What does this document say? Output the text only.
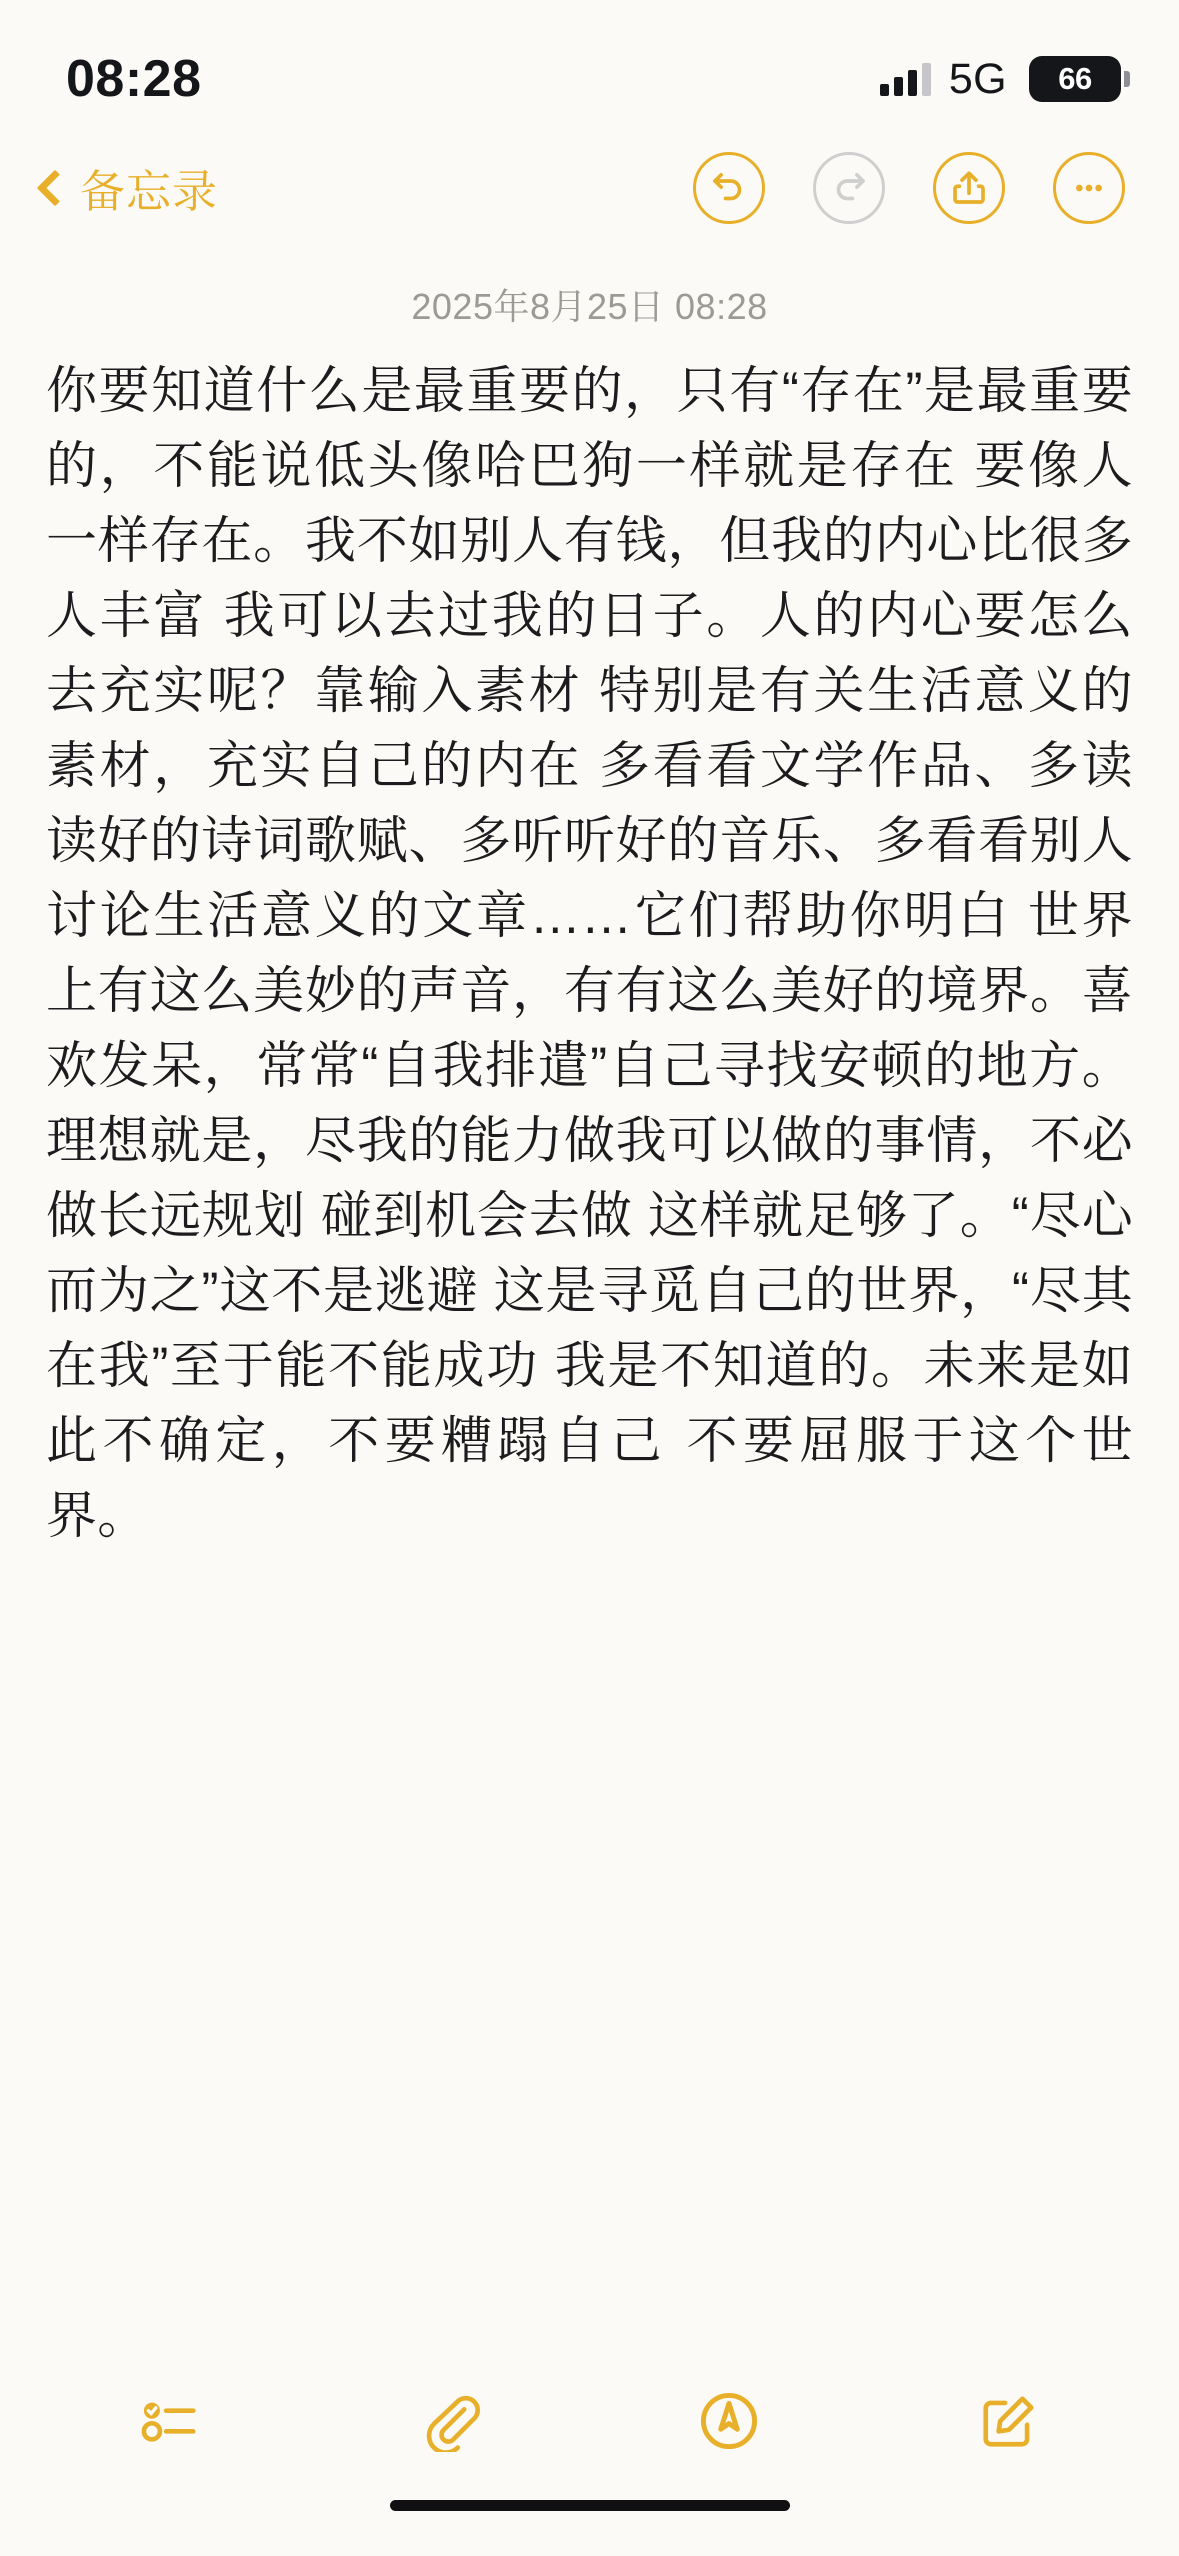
08:28	5G 66
备忘录
2025年8月25日 08:28
你要知道什么是最重要的，只有“存在”是最重要的，不能说低头像哈巴狗一样就是存在 要像人一样存在。我不如别人有钱，但我的内心比很多人丰富 我可以去过我的日子。人的内心要怎么去充实呢？靠输入素材 特别是有关生活意义的素材，充实自己的内在 多看看文学作品、多读读好的诗词歌赋、多听听好的音乐、多看看别人讨论生活意义的文章……它们帮助你明白 世界上有这么美妙的声音，有有这么美好的境界。喜欢发呆，常常“自我排遣”自己寻找安顿的地方。理想就是，尽我的能力做我可以做的事情，不必做长远规划 碰到机会去做 这样就足够了。“尽心而为之”这不是逃避 这是寻觅自己的世界，“尽其在我”至于能不能成功 我是不知道的。未来是如此不确定，不要糟蹋自己 不要屈服于这个世界。
